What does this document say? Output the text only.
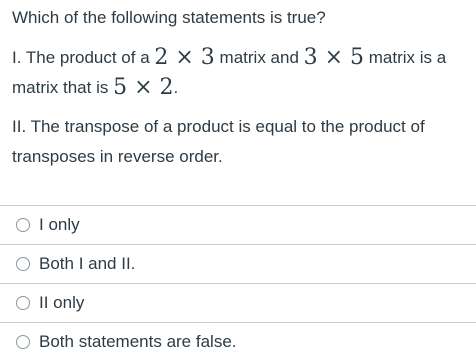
Which of the following statements is true?
I. The product of a 2 × 3 matrix and 3 × 5 matrix is a matrix that is 5 × 2.
II. The transpose of a product is equal to the product of transposes in reverse order.
I only
Both I and II.
II only
Both statements are false.
